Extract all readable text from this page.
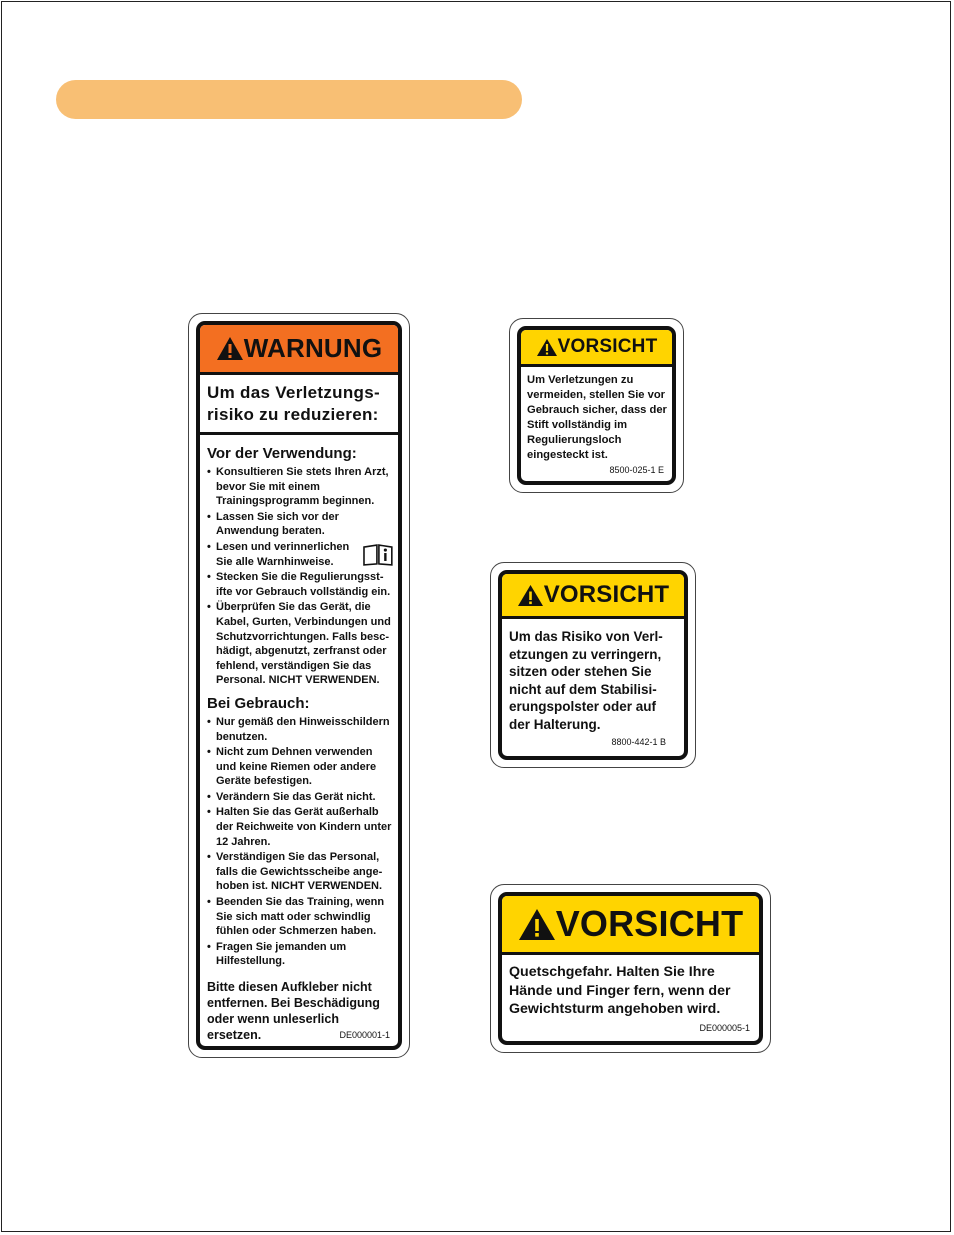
WARNUNG
Um das Verletzungs-
risiko zu reduzieren:
Vor der Verwendung:
• Konsultieren Sie stets Ihren Arzt, bevor Sie mit einem Trainingsprogramm beginnen.
• Lassen Sie sich vor der Anwendung beraten.
• Lesen und verinnerlichen Sie alle Warnhinweise.
• Stecken Sie die Regulierungsst-ifte vor Gebrauch vollständig ein.
• Überprüfen Sie das Gerät, die Kabel, Gurten, Verbindungen und Schutzvorrichtungen. Falls besc-hädigt, abgenutzt, zerfranst oder fehlend, verständigen Sie das Personal. NICHT VERWENDEN.
Bei Gebrauch:
• Nur gemäß den Hinweisschildern benutzen.
• Nicht zum Dehnen verwenden und keine Riemen oder andere Geräte befestigen.
• Verändern Sie das Gerät nicht.
• Halten Sie das Gerät außerhalb der Reichweite von Kindern unter 12 Jahren.
• Verständigen Sie das Personal, falls die Gewichtsscheibe ange-hoben ist. NICHT VERWENDEN.
• Beenden Sie das Training, wenn Sie sich matt oder schwindlig fühlen oder Schmerzen haben.
• Fragen Sie jemanden um Hilfestellung.
Bitte diesen Aufkleber nicht entfernen. Bei Beschädigung oder wenn unleserlich ersetzen.	DE000001-1
VORSICHT
Um Verletzungen zu vermeiden, stellen Sie vor Gebrauch sicher, dass der Stift vollständig im Regulierungsloch eingesteckt ist.
8500-025-1 E
VORSICHT
Um das Risiko von Verl-etzungen zu verringern, sitzen oder stehen Sie nicht auf dem Stabilisi-erungspolster oder auf der Halterung.
8800-442-1 B
VORSICHT
Quetschgefahr. Halten Sie Ihre Hände und Finger fern, wenn der Gewichtsturm angehoben wird.
DE000005-1
